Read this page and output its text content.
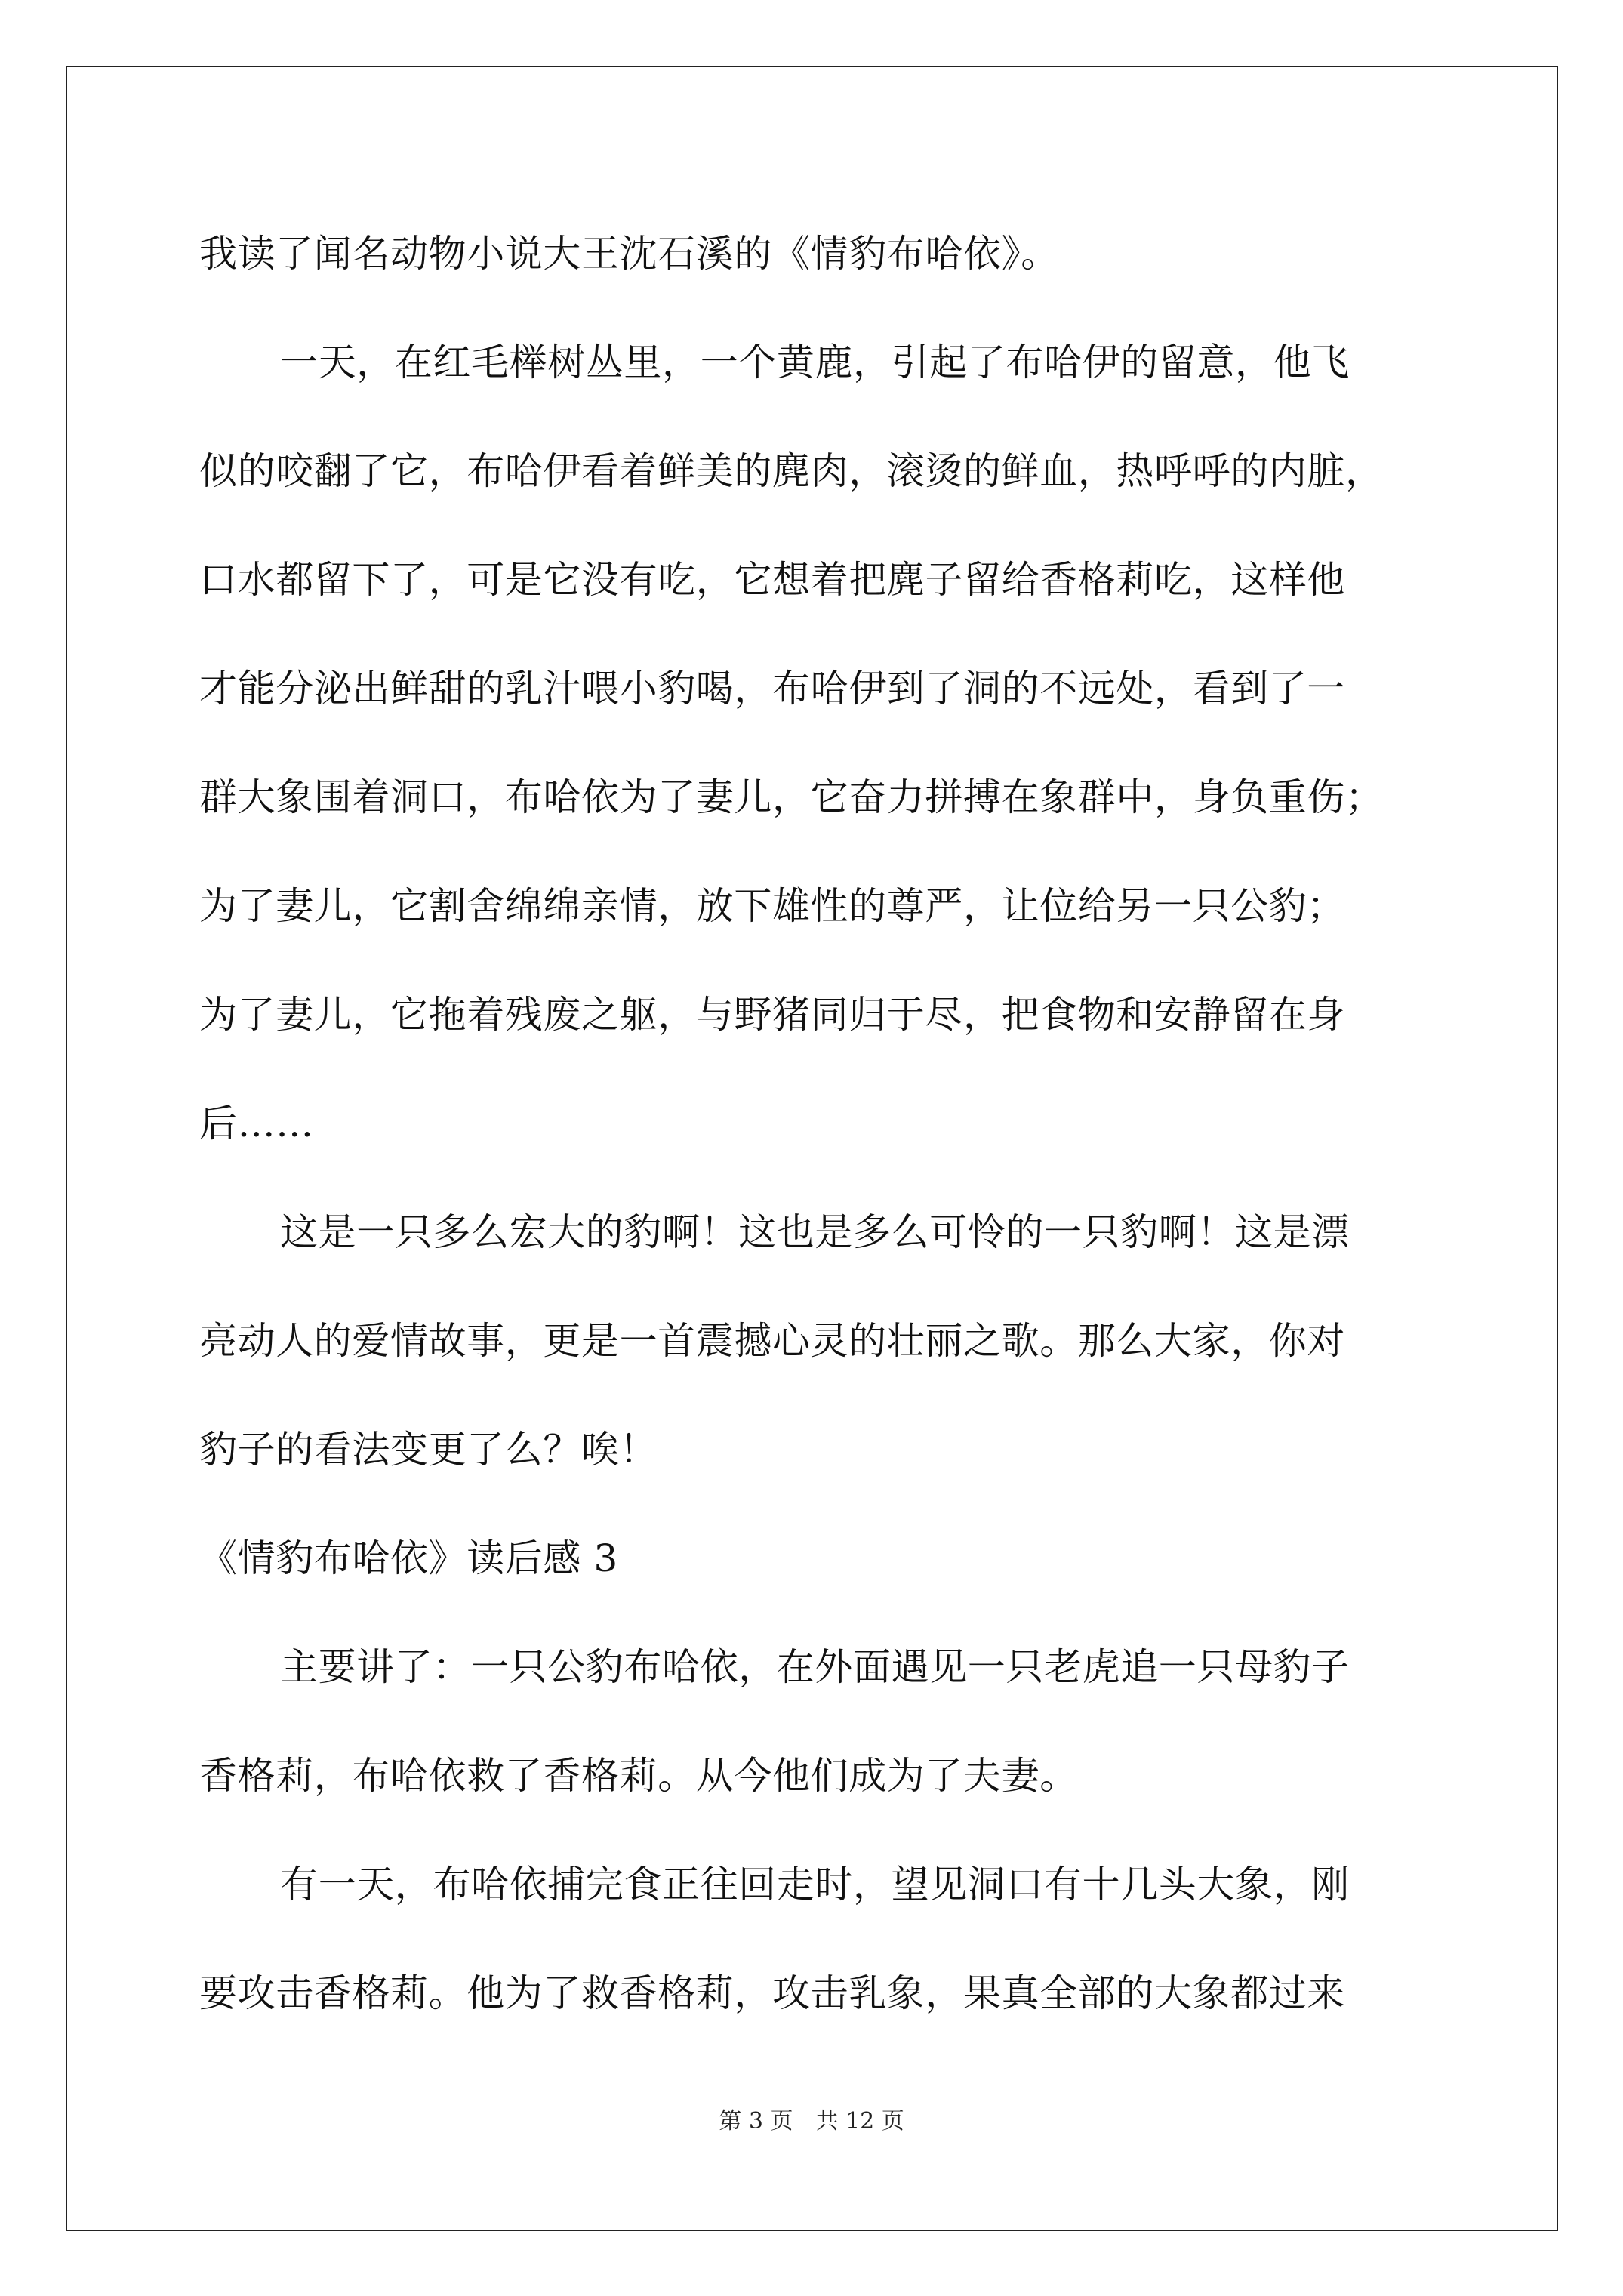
我读了闻名动物小说大王沈石溪的《情豹布哈依》。
一天，在红毛榉树丛里，一个黄鹿，引起了布哈伊的留意，他飞
似的咬翻了它，布哈伊看着鲜美的麂肉，滚烫的鲜血，热呼呼的内脏，
口水都留下了，可是它没有吃，它想着把麂子留给香格莉吃，这样他
才能分泌出鲜甜的乳汁喂小豹喝，布哈伊到了洞的不远处，看到了一
群大象围着洞口，布哈依为了妻儿，它奋力拼搏在象群中，身负重伤；
为了妻儿，它割舍绵绵亲情，放下雄性的尊严，让位给另一只公豹；
为了妻儿，它拖着残废之躯，与野猪同归于尽，把食物和安静留在身
后……
这是一只多么宏大的豹啊！这也是多么可怜的一只豹啊！这是漂
亮动人的爱情故事，更是一首震撼心灵的壮丽之歌。那么大家，你对
豹子的看法变更了么？唉！
《情豹布哈依》读后感 3
主要讲了：一只公豹布哈依，在外面遇见一只老虎追一只母豹子
香格莉，布哈依救了香格莉。从今他们成为了夫妻。
有一天，布哈依捕完食正往回走时，望见洞口有十几头大象，刚
要攻击香格莉。他为了救香格莉，攻击乳象，果真全部的大象都过来
第 3 页 共 12 页
